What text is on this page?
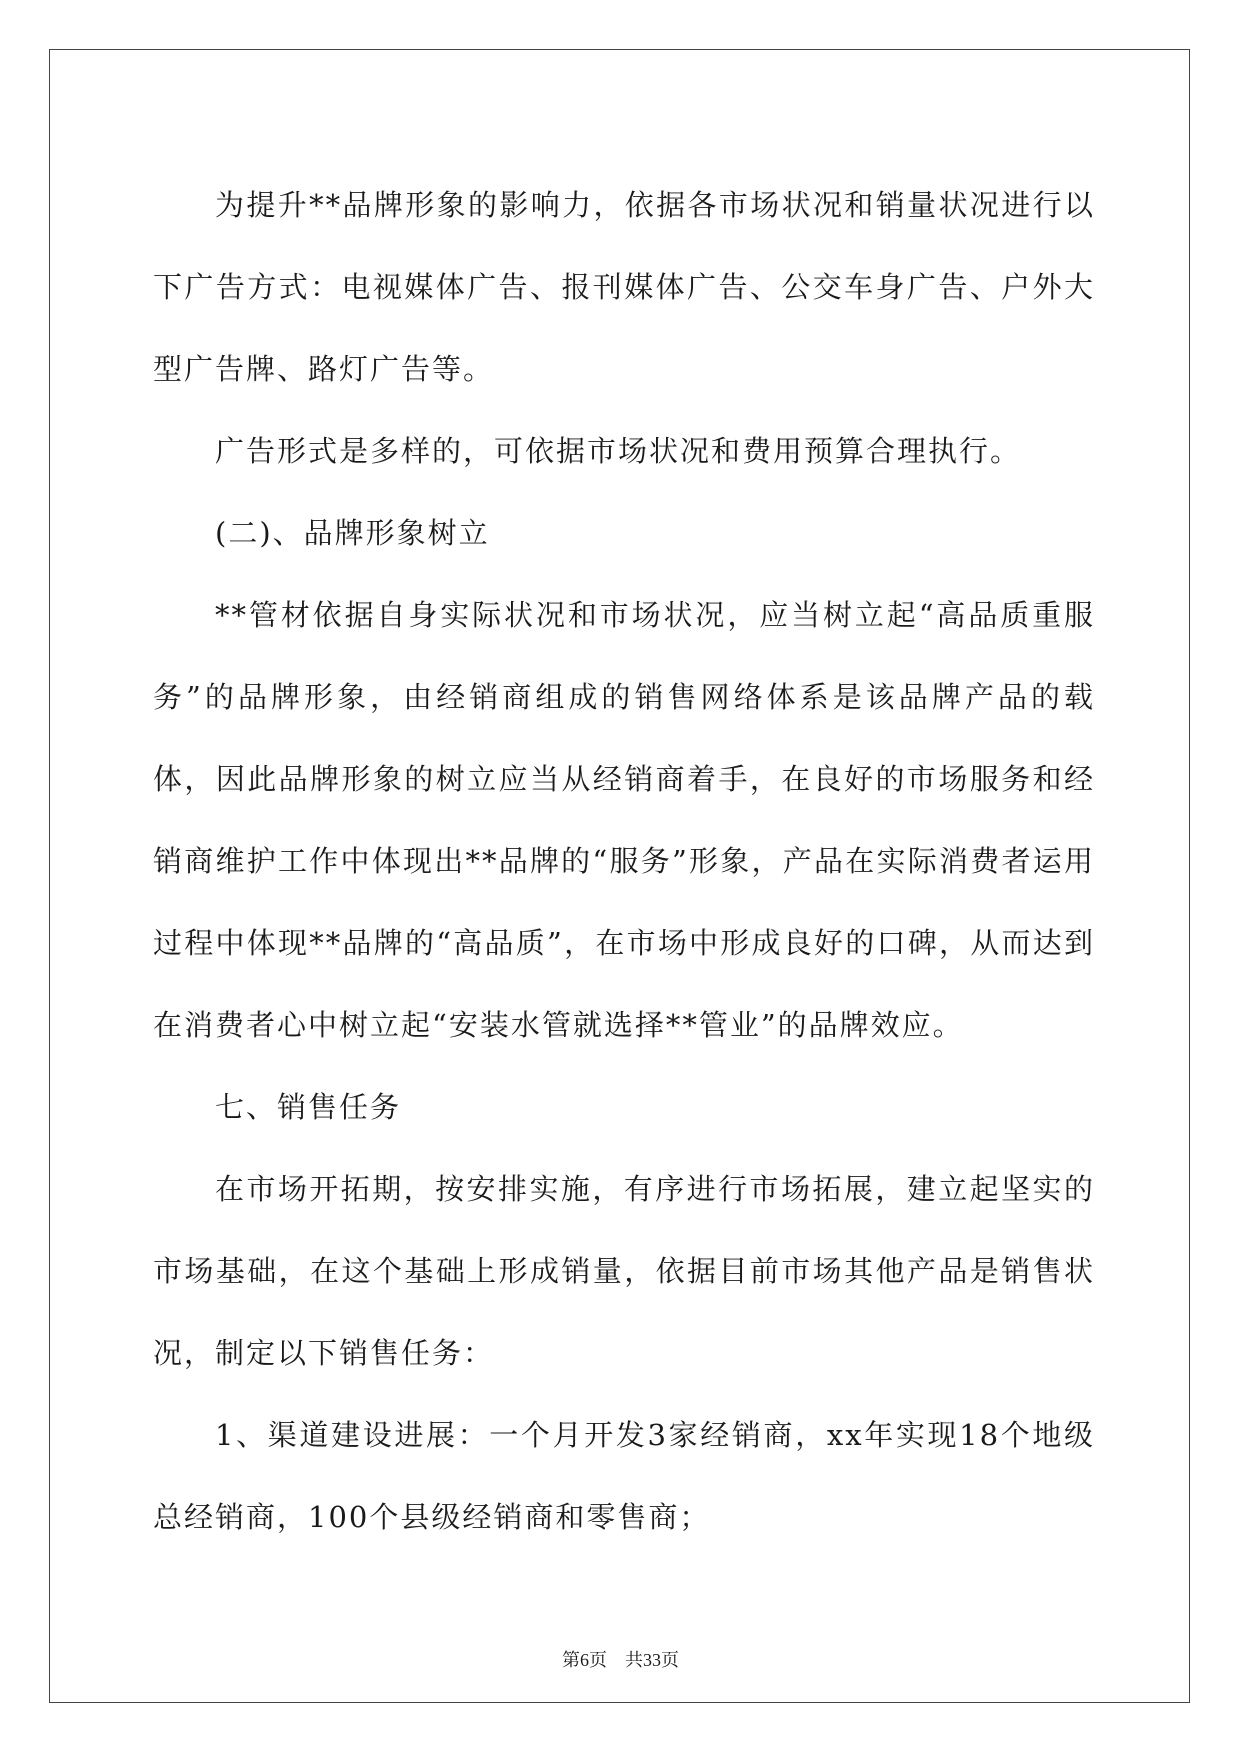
为提升**品牌形象的影响力，依据各市场状况和销量状况进行以下广告方式：电视媒体广告、报刊媒体广告、公交车身广告、户外大型广告牌、路灯广告等。

广告形式是多样的，可依据市场状况和费用预算合理执行。

(二)、品牌形象树立

**管材依据自身实际状况和市场状况，应当树立起“高品质重服务”的品牌形象，由经销商组成的销售网络体系是该品牌产品的载体，因此品牌形象的树立应当从经销商着手，在良好的市场服务和经销商维护工作中体现出**品牌的“服务”形象，产品在实际消费者运用过程中体现**品牌的“高品质”，在市场中形成良好的口碑，从而达到在消费者心中树立起“安装水管就选择**管业”的品牌效应。

七、销售任务

在市场开拓期，按安排实施，有序进行市场拓展，建立起坚实的市场基础，在这个基础上形成销量，依据目前市场其他产品是销售状况，制定以下销售任务：

1、渠道建设进展：一个月开发3家经销商，xx年实现18个地级总经销商，100个县级经销商和零售商；

第6页 共33页
